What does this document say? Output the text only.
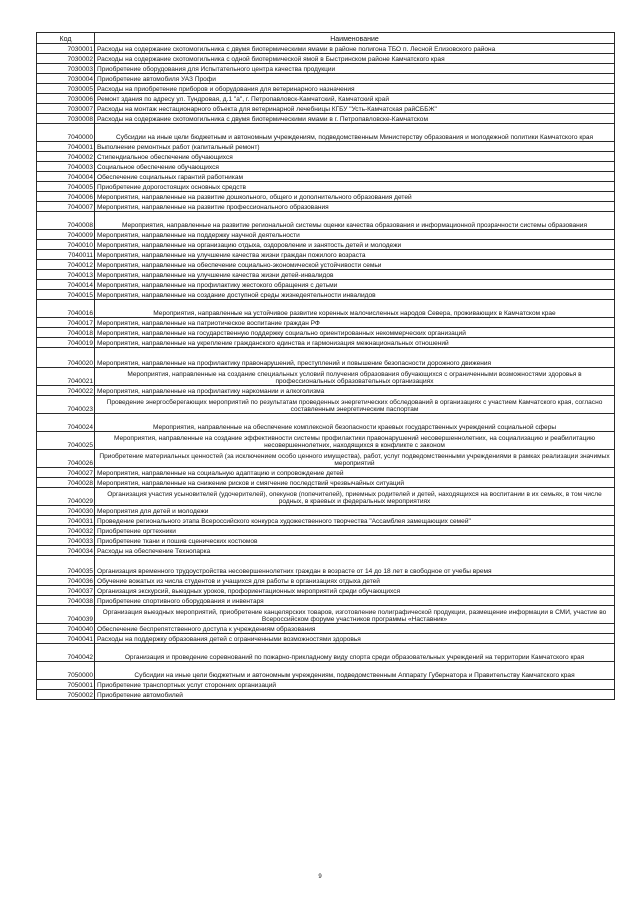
Код	Наименование
7030001	Расходы на содержание скотомогильника с двумя биотермическими ямами в районе полигона ТБО п. Лесной Елизовского района
7030002	Расходы на содержание скотомогильника с одной биотермической ямой в Быстринском районе Камчатского края
7030003	Приобретение оборудования для Испытательного центра качества продукции
7030004	Приобретение автомобиля УАЗ Профи
7030005	Расходы на приобретение приборов и оборудования для ветеринарного назначения
7030006	Ремонт здания по адресу ул. Тундровая, д.1 "а", г. Петропавловск-Камчатский, Камчатский край
7030007	Расходы на монтаж нестационарного объекта для ветеринарной лечебницы КГБУ "Усть-Камчатская райСББЖ"
7030008	Расходы на содержание скотомогильника с двумя биотермическими ямами в г. Петропавловске-Камчатском
7040000	Субсидии на иные цели бюджетным и автономным учреждениям, подведомственным Министерству образования и молодежной политики Камчатского края
7040001	Выполнение ремонтных работ (капитальный ремонт)
7040002	Стипендиальное обеспечение обучающихся
7040003	Социальное обеспечение обучающихся
7040004	Обеспечение социальных гарантий работникам
7040005	Приобретение дорогостоящих основных средств
7040006	Мероприятия, направленные на развитие дошкольного, общего и дополнительного образования детей
7040007	Мероприятия, направленные на развитие профессионального образования
7040008	Мероприятия, направленные на развитие региональной системы оценки качества образования и информационной прозрачности системы образования
7040009	Мероприятия, направленные на поддержку научной деятельности
7040010	Мероприятия, направленные на организацию отдыха, оздоровление и занятость детей и молодежи
7040011	Мероприятия, направленные на улучшение качества жизни граждан пожилого возраста
7040012	Мероприятия, направленные на обеспечение социально-экономической устойчивости семьи
7040013	Мероприятия, направленные на улучшение качества жизни детей-инвалидов
7040014	Мероприятия, направленные на профилактику жестокого обращения с детьми
7040015	Мероприятия, направленные на создание доступной среды жизнедеятельности инвалидов
7040016	Мероприятия, направленные на устойчивое развитие коренных малочисленных народов Севера, проживающих в Камчатском крае
7040017	Мероприятия, направленные на патриотическое воспитание граждан РФ
7040018	Мероприятия, направленные на государственную поддержку социально ориентированных некоммерческих организаций
7040019	Мероприятия, направленные на укрепление гражданского единства и гармонизация межнациональных отношений
7040020	Мероприятия, направленные на профилактику правонарушений, преступлений и повышение безопасности дорожного движения
7040021	Мероприятия, направленные на создание специальных условий получения образования обучающихся с ограниченными возможностями здоровья в профессиональных образовательных организациях
7040022	Мероприятия, направленные на профилактику наркомании и алкоголизма
7040023	Проведение энергосберегающих мероприятий по результатам проведенных энергетических обследований в организациях с участием Камчатского края, согласно составленным энергетическим паспортам
7040024	Мероприятия, направленные на обеспечение комплексной безопасности краевых государственных учреждений социальной сферы
7040025	Мероприятия, направленные на создание эффективности системы профилактики правонарушений несовершеннолетних, на социализацию и реабилитацию несовершеннолетних, находящихся в конфликте с законом
7040026	Приобретение материальных ценностей (за исключением особо ценного имущества), работ, услуг подведомственными учреждениями в рамках реализации значимых мероприятий
7040027	Мероприятия, направленные на социальную адаптацию и сопровождение детей
7040028	Мероприятия, направленные на снижение рисков и смягчение последствий чрезвычайных ситуаций
7040029	Организация участия усыновителей (удочерителей), опекунов (попечителей), приемных родителей и детей, находящихся на воспитании в их семьях, в том числе родных, в краевых и федеральных мероприятиях
7040030	Мероприятия для детей и молодежи
7040031	Проведение регионального этапа Всероссийского конкурса художественного творчества "Ассамблея замещающих семей"
7040032	Приобретение оргтехники
7040033	Приобретение ткани и пошив сценических костюмов
7040034	Расходы на обеспечение Технопарка
7040035	Организация временного трудоустройства несовершеннолетних граждан в возрасте от 14 до 18 лет в свободное от учебы время
7040036	Обучение вожатых из числа студентов и учащихся для работы в организациях отдыха детей
7040037	Организация экскурсий, выездных уроков, профориентационных мероприятий среди обучающихся
7040038	Приобретение спортивного оборудования и инвентаря
7040039	Организация выездных мероприятий, приобретение канцелярских товаров, изготовление полиграфической продукции, размещение информации в СМИ, участие во Всероссийском форуме участников программы «Наставник»
7040040	Обеспечение беспрепятственного доступа к учреждениям образования
7040041	Расходы на поддержку образования детей с ограниченными возможностями здоровья
7040042	Организация и проведение соревнований по пожарно-прикладному виду спорта среди образовательных учреждений на территории Камчатского края
7050000	Субсидии на иные цели бюджетным и автономным учреждениям, подведомственным Аппарату Губернатора и Правительству Камчатского края
7050001	Приобретение транспортных услуг сторонних организаций
7050002	Приобретение автомобилей
9
